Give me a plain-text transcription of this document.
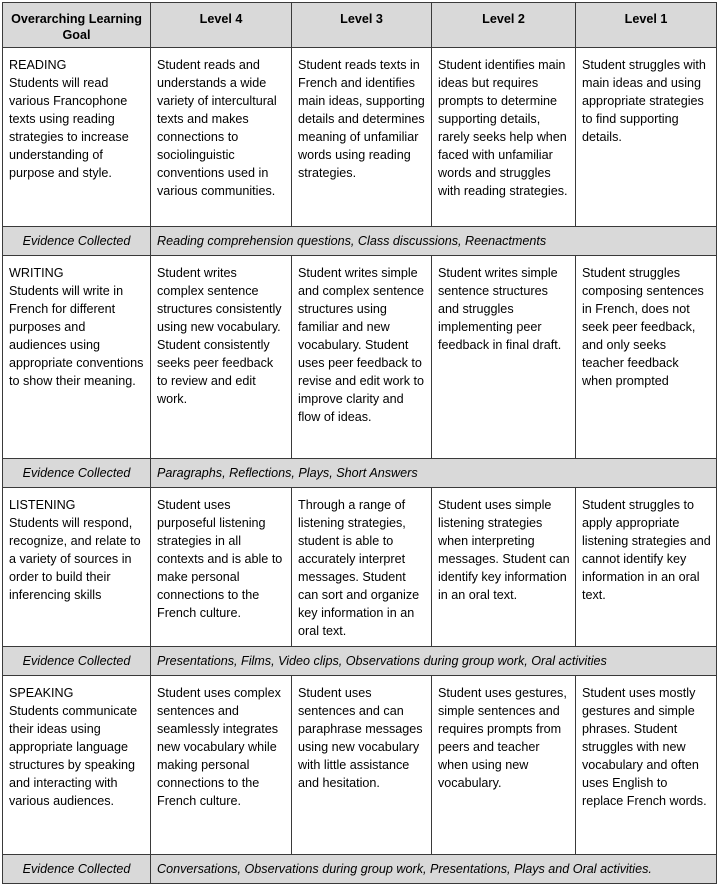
Overarching Learning Goal	Level 4	Level 3	Level 2	Level 1

READING
Students will read various Francophone texts using reading strategies to increase understanding of purpose and style.	Student reads and understands a wide variety of intercultural texts and makes connections to sociolinguistic conventions used in various communities.	Student reads texts in French and identifies main ideas, supporting details and determines meaning of unfamiliar words using reading strategies.	Student identifies main ideas but requires prompts to determine supporting details, rarely seeks help when faced with unfamiliar words and struggles with reading strategies.	Student struggles with main ideas and using appropriate strategies to find supporting details.
Evidence Collected	Reading comprehension questions, Class discussions, Reenactments			

WRITING
Students will write in French for different purposes and audiences using appropriate conventions to show their meaning.	Student writes complex sentence structures consistently using new vocabulary. Student consistently seeks peer feedback to review and edit work.	Student writes simple and complex sentence structures using familiar and new vocabulary. Student uses peer feedback to revise and edit work to improve clarity and flow of ideas.	Student writes simple sentence structures and struggles implementing peer feedback in final draft.	Student struggles composing sentences in French, does not seek peer feedback, and only seeks teacher feedback when prompted
Evidence Collected	Paragraphs, Reflections, Plays, Short Answers			

LISTENING
Students will respond, recognize, and relate to a variety of sources in order to build their inferencing skills	Student uses purposeful listening strategies in all contexts and is able to make personal connections to the French culture.	Through a range of listening strategies, student is able to accurately interpret messages. Student can sort and organize key information in an oral text.	Student uses simple listening strategies when interpreting messages. Student can identify key information in an oral text.	Student struggles to apply appropriate listening strategies and cannot identify key information in an oral text.
Evidence Collected	Presentations, Films, Video clips, Observations during group work, Oral activities			

SPEAKING
Students communicate their ideas using appropriate language structures by speaking and interacting with various audiences.	Student uses complex sentences and seamlessly integrates new vocabulary while making personal connections to the French culture.	Student uses sentences and can paraphrase messages using new vocabulary with little assistance and hesitation.	Student uses gestures, simple sentences and requires prompts from peers and teacher when using new vocabulary.	Student uses mostly gestures and simple phrases. Student struggles with new vocabulary and often uses English to replace French words.
Evidence Collected	Conversations, Observations during group work, Presentations, Plays and Oral activities.			
